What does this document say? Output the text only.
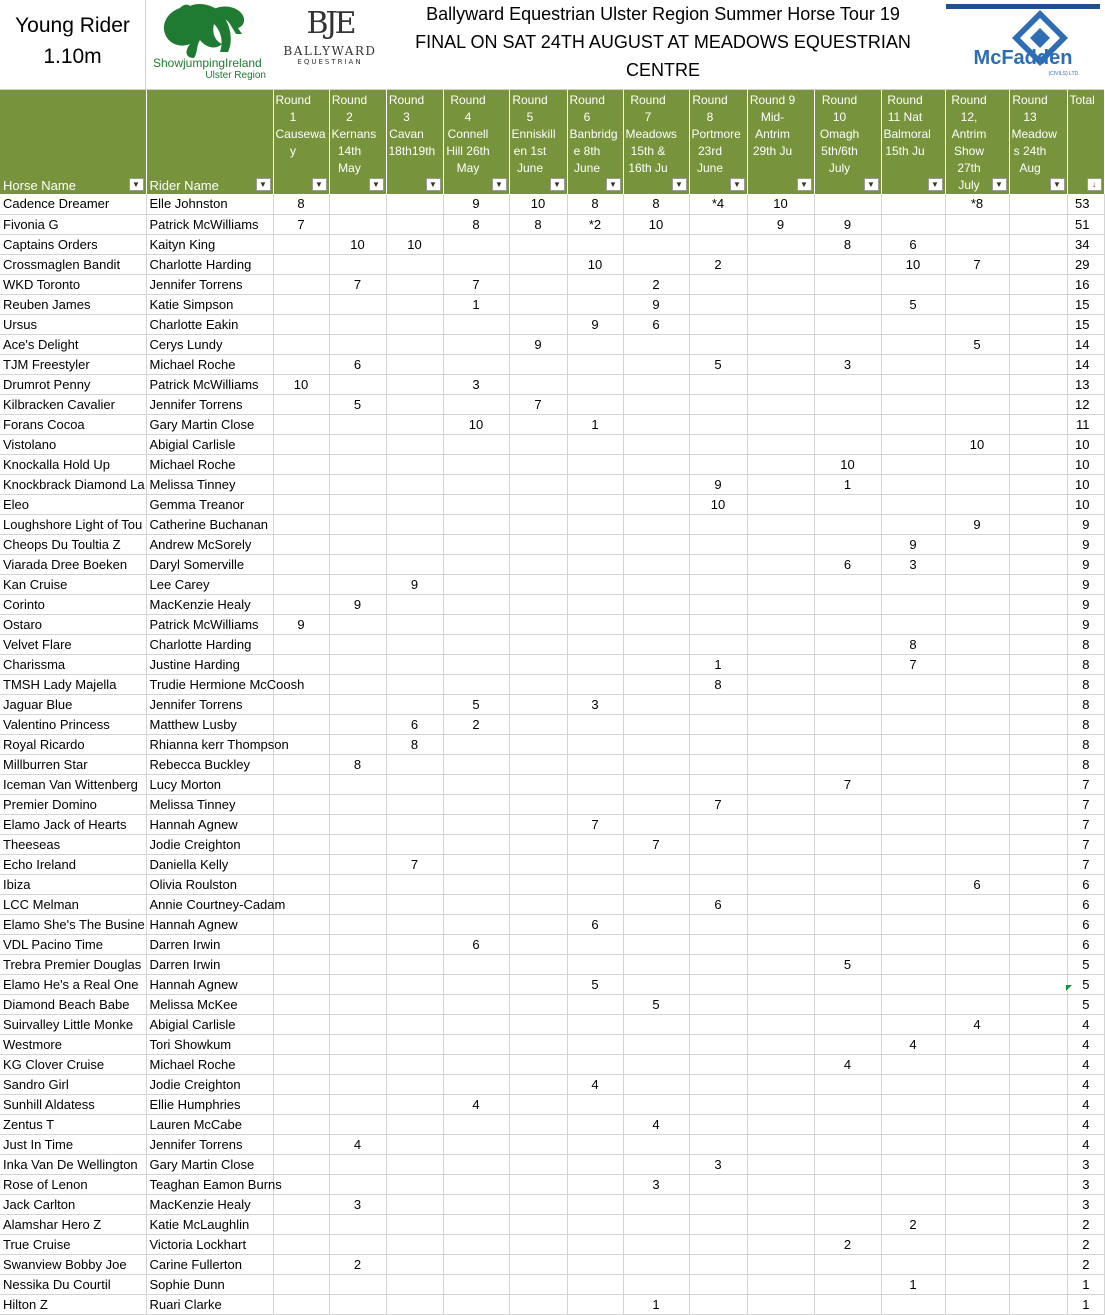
Young Rider
1.10m	ShowjumpingIreland
Ulster Region
BJE
BALLYWARD
EQUESTRIAN
Ballyward Equestrian Ulster Region Summer Horse Tour 19
FINAL ON SAT 24TH AUGUST AT MEADOWS EQUESTRIAN
CENTRE
McFadden
(CIVILS) LTD.
Horse Name ▼	Rider Name ▼	Round 1 Causewa y
▼	Round 2 Kernans 14th May
▼	Round 3 Cavan 18th19th
▼	Round 4 Connell Hill 26th May
▼	Round 5 Enniskill en 1st June
▼	Round 6 Banbridg e 8th June
▼	Round 7 Meadows 15th & 16th Ju
▼	Round 8 Portmore 23rd June
▼	Round 9 Mid-Antrim 29th Ju
▼	Round 10 Omagh 5th/6th July
▼	Round 11 Nat Balmoral 15th Ju
▼	Round 12, Antrim Show 27th July ▼	Round 13 Meadow s 24th Aug
▼	Total
↓

Cadence Dreamer	Elle Johnston	8			9	10	8	8	*4	10			*8		53
Fivonia G	Patrick McWilliams	7			8	8	*2	10		9	9				51
Captains Orders	Kaityn King		10	10							8	6			34
Crossmaglen Bandit	Charlotte Harding						10		2			10	7		29
WKD Toronto	Jennifer Torrens		7		7			2							16
Reuben James	Katie Simpson				1			9				5			15
Ursus	Charlotte Eakin						9	6							15
Ace's Delight	Cerys Lundy					9							5		14
TJM Freestyler	Michael Roche		6						5		3				14
Drumrot Penny	Patrick McWilliams	10			3										13
Kilbracken Cavalier	Jennifer Torrens		5			7									12
Forans Cocoa	Gary Martin Close				10		1								11
Vistolano	Abigial Carlisle												10		10
Knockalla Hold Up	Michael Roche										10				10
Knockbrack Diamond La	Melissa Tinney								9		1				10
Eleo	Gemma Treanor								10						10
Loughshore Light of Tou	Catherine Buchanan												9		9
Cheops Du Toultia Z	Andrew McSorely											9			9
Viarada Dree Boeken	Daryl Somerville										6	3			9
Kan Cruise	Lee Carey			9											9
Corinto	MacKenzie Healy		9												9
Ostaro	Patrick McWilliams	9													9
Velvet Flare	Charlotte Harding											8			8
Charissma	Justine Harding								1			7			8
TMSH Lady Majella	Trudie Hermione McCoosh								8						8
Jaguar Blue	Jennifer Torrens				5		3								8
Valentino Princess	Matthew Lusby			6	2										8
Royal Ricardo	Rhianna kerr Thompson			8											8
Millburren Star	Rebecca Buckley		8												8
Iceman Van Wittenberg	Lucy Morton										7				7
Premier Domino	Melissa Tinney								7						7
Elamo Jack of Hearts	Hannah Agnew						7								7
Theeseas	Jodie Creighton							7							7
Echo Ireland	Daniella Kelly			7											7
Ibiza	Olivia Roulston												6		6
LCC Melman	Annie Courtney-Cadam								6						6
Elamo She's The Busine	Hannah Agnew						6								6
VDL Pacino Time	Darren Irwin				6										6
Trebra Premier Douglas	Darren Irwin										5				5
Elamo He's a Real One	Hannah Agnew						5								5
Diamond Beach Babe	Melissa McKee							5							5
Suirvalley Little Monke	Abigial Carlisle												4		4
Westmore	Tori Showkum											4			4
KG Clover Cruise	Michael Roche										4				4
Sandro Girl	Jodie Creighton						4								4
Sunhill Aldatess	Ellie Humphries				4										4
Zentus T	Lauren McCabe							4							4
Just In Time	Jennifer Torrens		4												4
Inka Van De Wellington	Gary Martin Close								3						3
Rose of Lenon	Teaghan Eamon Burns							3							3
Jack Carlton	MacKenzie Healy		3												3
Alamshar Hero Z	Katie McLaughlin											2			2
True Cruise	Victoria Lockhart										2				2
Swanview Bobby Joe	Carine Fullerton		2												2
Nessika Du Courtil	Sophie Dunn											1			1
Hilton Z	Ruari Clarke							1							1
